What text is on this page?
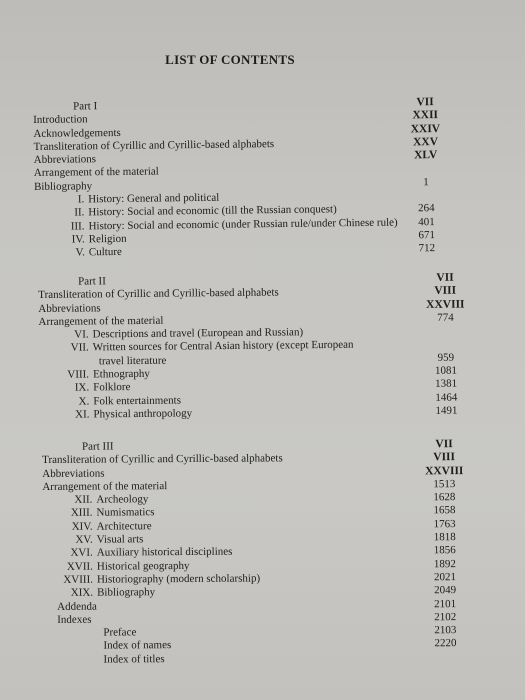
LIST OF CONTENTS
Part I	VII
Introduction	XXII
Acknowledgements	XXIV
Transliteration of Cyrillic and Cyrillic-based alphabets	XXV
Abbreviations	XLV
Arrangement of the material
Bibliography	1
I. History: General and political
II. History: Social and economic (till the Russian conquest)	264
III. History: Social and economic (under Russian rule/under Chinese rule)	401
IV. Religion	671
V. Culture	712
Part II	VII
Transliteration of Cyrillic and Cyrillic-based alphabets	VIII
Abbreviations	XXVIII
Arrangement of the material	774
VI. Descriptions and travel (European and Russian)
VII. Written sources for Central Asian history (except European
travel literature	959
VIII. Ethnography	1081
IX. Folklore	1381
X. Folk entertainments	1464
XI. Physical anthropology	1491
Part III	VII
Transliteration of Cyrillic and Cyrillic-based alphabets	VIII
Abbreviations	XXVIII
Arrangement of the material	1513
XII. Archeology	1628
XIII. Numismatics	1658
XIV. Architecture	1763
XV. Visual arts	1818
XVI. Auxiliary historical disciplines	1856
XVII. Historical geography	1892
XVIII. Historiography (modern scholarship)	2021
XIX. Bibliography	2049
Addenda	2101
Indexes	2102
Preface	2103
Index of names	2220
Index of titles
